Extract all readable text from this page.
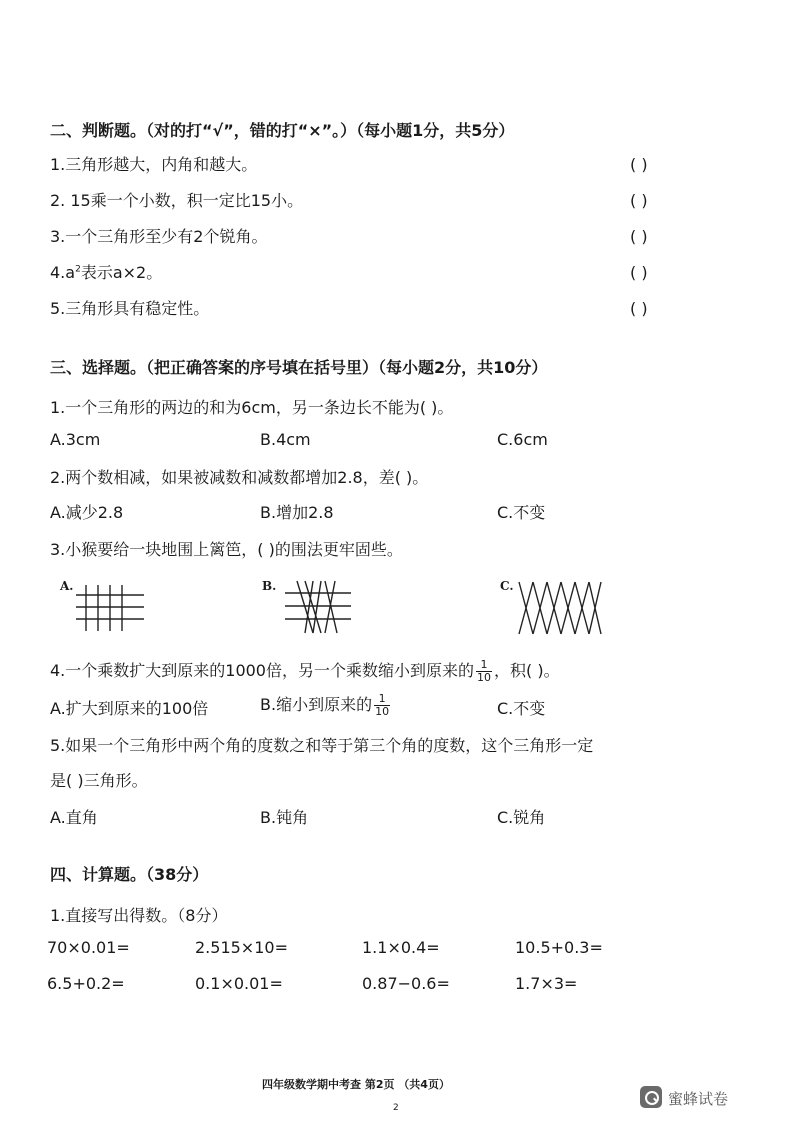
二、判断题。（对的打“√”，错的打“×”。）（每小题1分，共5分）
1.三角形越大，内角和越大。	( )
2. 15乘一个小数，积一定比15小。	( )
3.一个三角形至少有2个锐角。	( )
$4.a^2$表示a×2。	( )
5.三角形具有稳定性。	( )
三、选择题。（把正确答案的序号填在括号里）（每小题2分，共10分）
1.一个三角形的两边的和为6cm，另一条边长不能为( )。
A.3cm	B.4cm	C.6cm
2.两个数相减，如果被减数和减数都增加2.8，差( )。
A.减少2.8	B.增加2.8	C.不变
3.小猴要给一块地围上篱笆，( )的围法更牢固些。
A.	B.	C.
4.一个乘数扩大到原来的1000倍，另一个乘数缩小到原来的 $\frac{1}{10}$ ，积( )。
A.扩大到原来的100倍	B.缩小到原来的 $\frac{1}{10}$	C.不变
5.如果一个三角形中两个角的度数之和等于第三个角的度数，这个三角形一定
是( )三角形。
A.直角	B.钝角	C.锐角
四、计算题。（38分）
1.直接写出得数。（8分）
70×0.01=	2.515×10=	1.1×0.4=	10.5+0.3=
6.5+0.2=	0.1×0.01=	0.87−0.6=	1.7×3=
四年级数学期中考查 第2页 （共4页）
2	蜜蜂试卷
